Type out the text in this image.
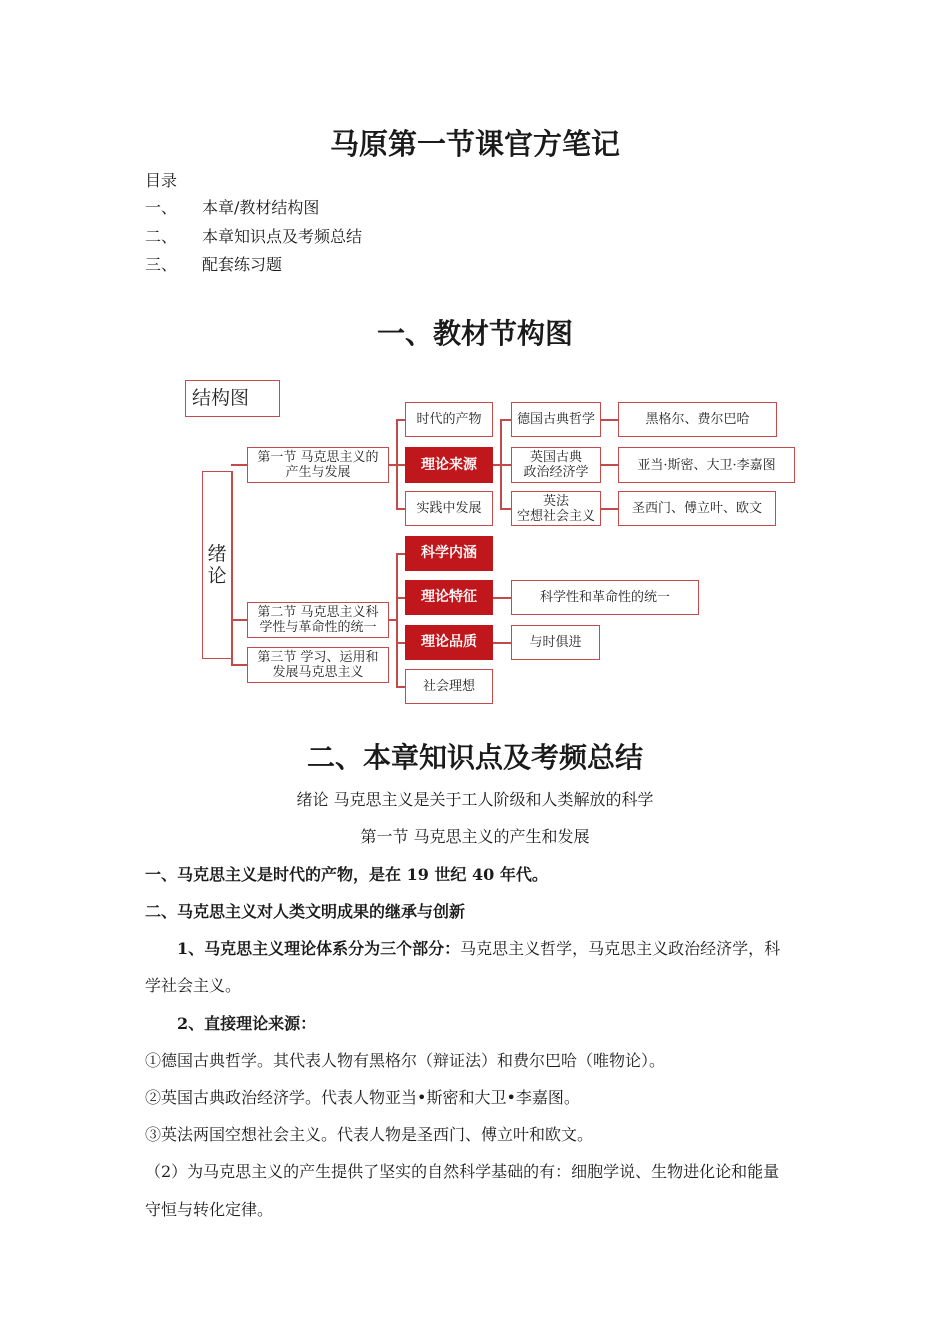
马原第一节课官方笔记
目录
一、 本章/教材结构图
二、 本章知识点及考频总结
三、 配套练习题
一、教材节构图
结构图
绪
论
第一节 马克思主义的
产生与发展
第二节 马克思主义科
学性与革命性的统一
第三节 学习、运用和
发展马克思主义
时代的产物
理论来源
实践中发展
科学内涵
理论特征
理论品质
社会理想
德国古典哲学
英国古典
政治经济学
英法
空想社会主义
黑格尔、费尔巴哈
亚当·斯密、大卫·李嘉图
圣西门、傅立叶、欧文
科学性和革命性的统一
与时俱进
二、本章知识点及考频总结
绪论 马克思主义是关于工人阶级和人类解放的科学
第一节 马克思主义的产生和发展
一、马克思主义是时代的产物，是在 19 世纪 40 年代。
二、马克思主义对人类文明成果的继承与创新
1、马克思主义理论体系分为三个部分：马克思主义哲学，马克思主义政治经济学，科
学社会主义。
2、直接理论来源：
①德国古典哲学。其代表人物有黑格尔（辩证法）和费尔巴哈（唯物论）。
②英国古典政治经济学。代表人物亚当•斯密和大卫•李嘉图。
③英法两国空想社会主义。代表人物是圣西门、傅立叶和欧文。
（2）为马克思主义的产生提供了坚实的自然科学基础的有：细胞学说、生物进化论和能量
守恒与转化定律。
